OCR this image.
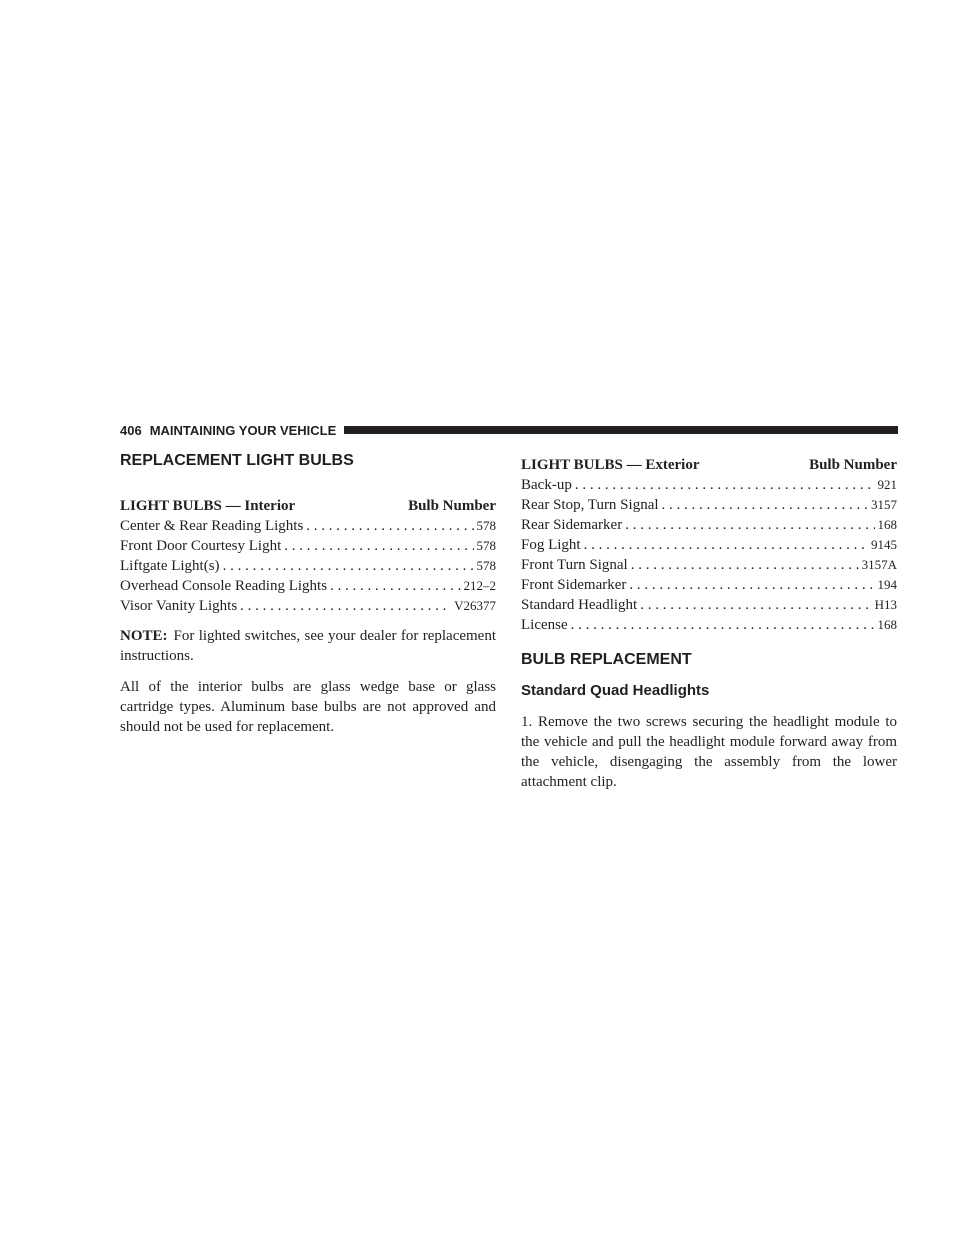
406 MAINTAINING YOUR VEHICLE
REPLACEMENT LIGHT BULBS
LIGHT BULBS — Interior	Bulb Number
Center & Rear Reading Lights . . .	578
Front Door Courtesy Light . . .	578
Liftgate Light(s) . . .	578
Overhead Console Reading Lights . . .	212–2
Visor Vanity Lights . . .	V26377

NOTE: For lighted switches, see your dealer for replacement instructions.

All of the interior bulbs are glass wedge base or glass cartridge types. Aluminum base bulbs are not approved and should not be used for replacement.

LIGHT BULBS — Exterior	Bulb Number
Back-up . . .	921
Rear Stop, Turn Signal . . .	3157
Rear Sidemarker . . .	168
Fog Light . . .	9145
Front Turn Signal . . .	3157A
Front Sidemarker . . .	194
Standard Headlight . . .	H13
License . . .	168
BULB REPLACEMENT
Standard Quad Headlights

1. Remove the two screws securing the headlight module to the vehicle and pull the headlight module forward away from the vehicle, disengaging the assembly from the lower attachment clip.
